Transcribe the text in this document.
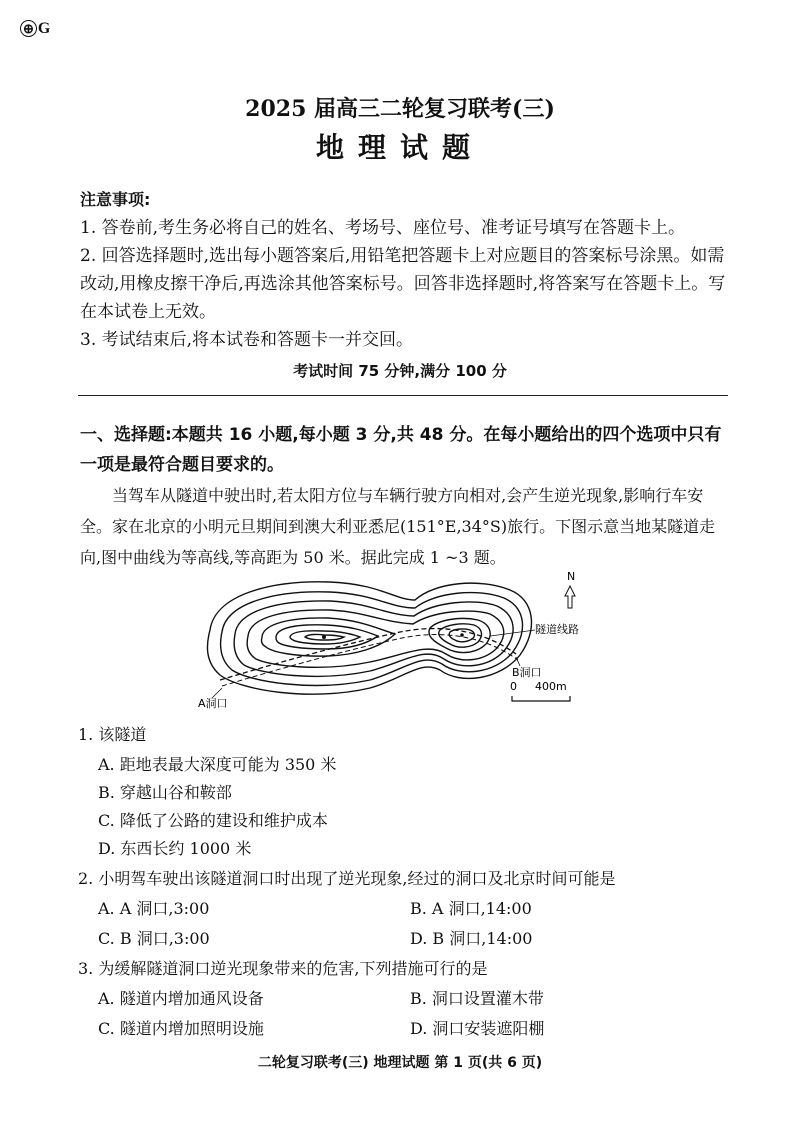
⊕ G
2025 届高三二轮复习联考(三)
地理试题

注意事项:

1. 答卷前,考生务必将自己的姓名、考场号、座位号、准考证号填写在答题卡上。

2. 回答选择题时,选出每小题答案后,用铅笔把答题卡上对应题目的答案标号涂黑。如需改动,用橡皮擦干净后,再选涂其他答案标号。回答非选择题时,将答案写在答题卡上。写在本试卷上无效。

3. 考试结束后,将本试卷和答题卡一并交回。

考试时间 75 分钟,满分 100 分
一、选择题:本题共 16 小题,每小题 3 分,共 48 分。在每小题给出的四个选项中只有一项是最符合题目要求的。

当驾车从隧道中驶出时,若太阳方位与车辆行驶方向相对,会产生逆光现象,影响行车安全。家在北京的小明元旦期间到澳大利亚悉尼(151°E,34°S)旅行。下图示意当地某隧道走向,图中曲线为等高线,等高距为 50 米。据此完成 1 ~3 题。

隧道线路
B洞口
A洞口
N
0 400m
1. 该隧道
A. 距地表最大深度可能为 350 米
B. 穿越山谷和鞍部
C. 降低了公路的建设和维护成本
D. 东西长约 1000 米
2. 小明驾车驶出该隧道洞口时出现了逆光现象,经过的洞口及北京时间可能是
A. A 洞口,3:00	B. A 洞口,14:00
C. B 洞口,3:00	D. B 洞口,14:00
3. 为缓解隧道洞口逆光现象带来的危害,下列措施可行的是
A. 隧道内增加通风设备	B. 洞口设置灌木带
C. 隧道内增加照明设施	D. 洞口安装遮阳棚
二轮复习联考(三) 地理试题 第 1 页(共 6 页)
